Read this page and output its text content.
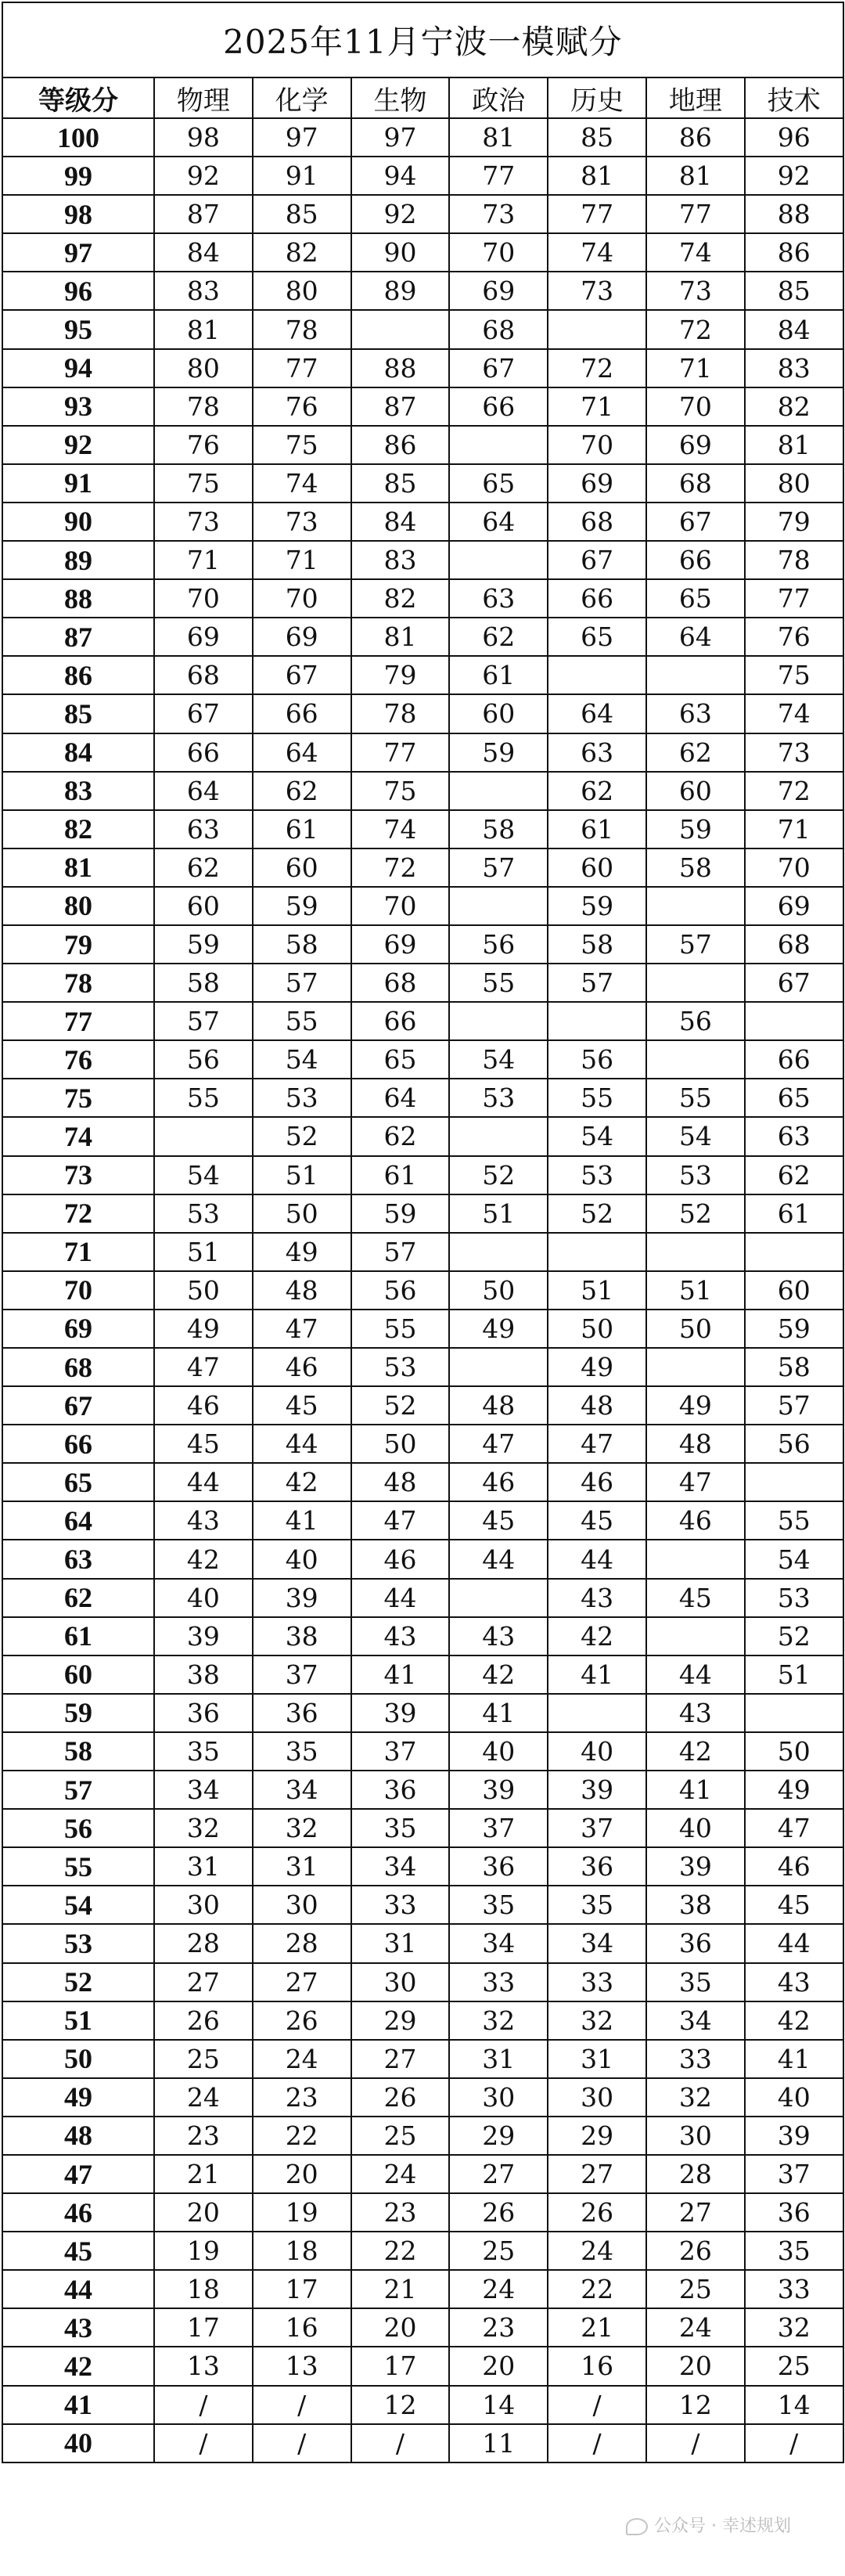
2025年11月宁波一模赋分							
等级分	物理	化学	生物	政治	历史	地理	技术
100	98	97	97	81	85	86	96
99	92	91	94	77	81	81	92
98	87	85	92	73	77	77	88
97	84	82	90	70	74	74	86
96	83	80	89	69	73	73	85
95	81	78		68		72	84
94	80	77	88	67	72	71	83
93	78	76	87	66	71	70	82
92	76	75	86		70	69	81
91	75	74	85	65	69	68	80
90	73	73	84	64	68	67	79
89	71	71	83		67	66	78
88	70	70	82	63	66	65	77
87	69	69	81	62	65	64	76
86	68	67	79	61			75
85	67	66	78	60	64	63	74
84	66	64	77	59	63	62	73
83	64	62	75		62	60	72
82	63	61	74	58	61	59	71
81	62	60	72	57	60	58	70
80	60	59	70		59		69
79	59	58	69	56	58	57	68
78	58	57	68	55	57		67
77	57	55	66			56	
76	56	54	65	54	56		66
75	55	53	64	53	55	55	65
74		52	62		54	54	63
73	54	51	61	52	53	53	62
72	53	50	59	51	52	52	61
71	51	49	57				
70	50	48	56	50	51	51	60
69	49	47	55	49	50	50	59
68	47	46	53		49		58
67	46	45	52	48	48	49	57
66	45	44	50	47	47	48	56
65	44	42	48	46	46	47	
64	43	41	47	45	45	46	55
63	42	40	46	44	44		54
62	40	39	44		43	45	53
61	39	38	43	43	42		52
60	38	37	41	42	41	44	51
59	36	36	39	41		43	
58	35	35	37	40	40	42	50
57	34	34	36	39	39	41	49
56	32	32	35	37	37	40	47
55	31	31	34	36	36	39	46
54	30	30	33	35	35	38	45
53	28	28	31	34	34	36	44
52	27	27	30	33	33	35	43
51	26	26	29	32	32	34	42
50	25	24	27	31	31	33	41
49	24	23	26	30	30	32	40
48	23	22	25	29	29	30	39
47	21	20	24	27	27	28	37
46	20	19	23	26	26	27	36
45	19	18	22	25	24	26	35
44	18	17	21	24	22	25	33
43	17	16	20	23	21	24	32
42	13	13	17	20	16	20	25
41	/	/	12	14	/	12	14
40	/	/	/	11	/	/	/
公众号 · 幸述规划
